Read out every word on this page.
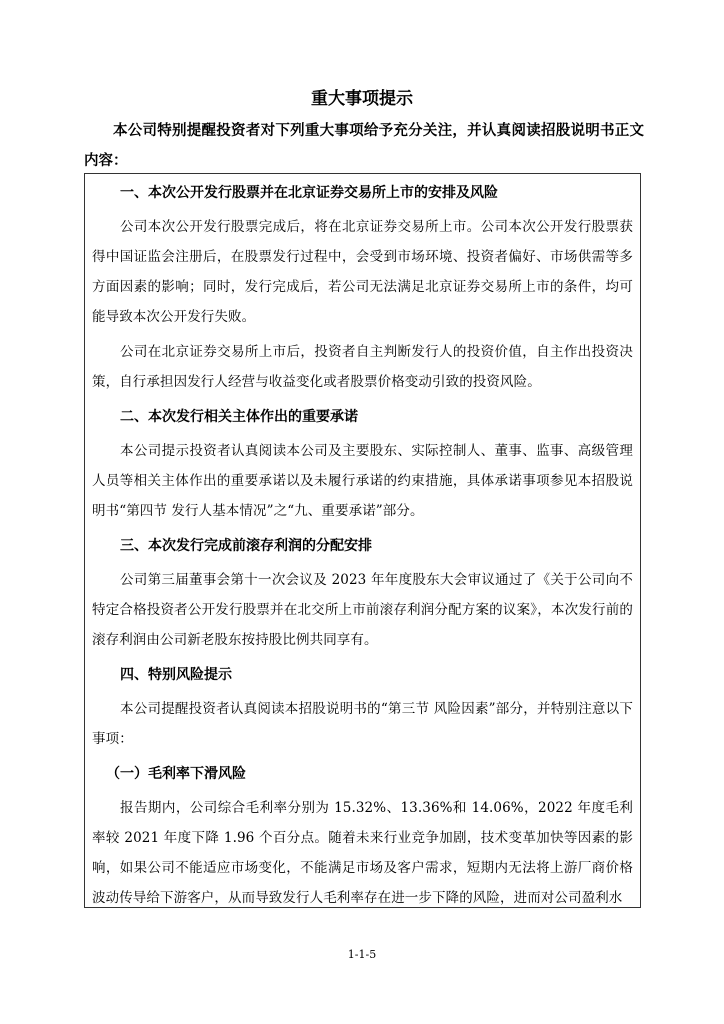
重大事项提示

本公司特别提醒投资者对下列重大事项给予充分关注，并认真阅读招股说明书正文内容：

一、本次公开发行股票并在北京证券交易所上市的安排及风险

公司本次公开发行股票完成后，将在北京证券交易所上市。公司本次公开发行股票获得中国证监会注册后，在股票发行过程中，会受到市场环境、投资者偏好、市场供需等多方面因素的影响；同时，发行完成后，若公司无法满足北京证券交易所上市的条件，均可能导致本次公开发行失败。

公司在北京证券交易所上市后，投资者自主判断发行人的投资价值，自主作出投资决策，自行承担因发行人经营与收益变化或者股票价格变动引致的投资风险。

二、本次发行相关主体作出的重要承诺

本公司提示投资者认真阅读本公司及主要股东、实际控制人、董事、监事、高级管理人员等相关主体作出的重要承诺以及未履行承诺的约束措施，具体承诺事项参见本招股说明书“第四节 发行人基本情况”之“九、重要承诺”部分。

三、本次发行完成前滚存利润的分配安排

公司第三届董事会第十一次会议及 2023 年年度股东大会审议通过了《关于公司向不特定合格投资者公开发行股票并在北交所上市前滚存利润分配方案的议案》，本次发行前的滚存利润由公司新老股东按持股比例共同享有。

四、特别风险提示

本公司提醒投资者认真阅读本招股说明书的“第三节 风险因素”部分，并特别注意以下事项：

（一）毛利率下滑风险

报告期内，公司综合毛利率分别为 15.32%、13.36%和 14.06%，2022 年度毛利率较 2021 年度下降 1.96 个百分点。随着未来行业竞争加剧，技术变革加快等因素的影响，如果公司不能适应市场变化，不能满足市场及客户需求，短期内无法将上游厂商价格波动传导给下游客户，从而导致发行人毛利率存在进一步下降的风险，进而对公司盈利水

1-1-5
